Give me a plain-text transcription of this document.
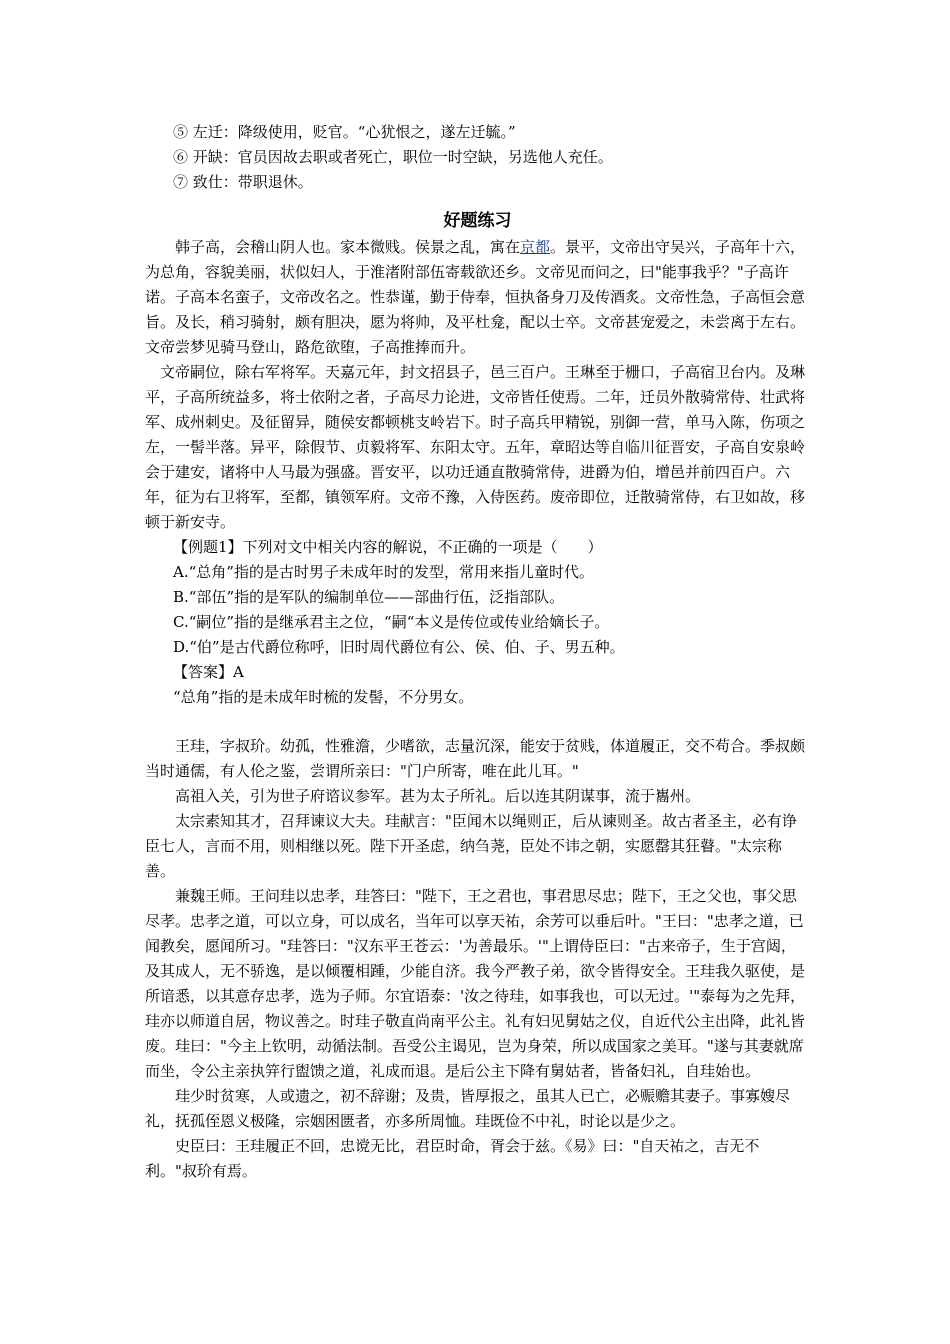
⑤ 左迁：降级使用，贬官。“心犹恨之，遂左迁毓。”

⑥ 开缺：官员因故去职或者死亡，职位一时空缺，另选他人充任。

⑦ 致仕：带职退休。

好题练习

韩子高，会稽山阴人也。家本微贱。侯景之乱，寓在京都。景平，文帝出守吴兴，子高年十六，为总角，容貌美丽，状似妇人，于淮渚附部伍寄载欲还乡。文帝见而问之，曰"能事我乎？"子高许诺。子高本名蛮子，文帝改名之。性恭谨，勤于侍奉，恒执备身刀及传酒炙。文帝性急，子高恒会意旨。及长，稍习骑射，颇有胆决，愿为将帅，及平杜龛，配以士卒。文帝甚宠爱之，未尝离于左右。文帝尝梦见骑马登山，路危欲堕，子高推捧而升。

文帝嗣位，除右军将军。天嘉元年，封文招县子，邑三百户。王琳至于栅口，子高宿卫台内。及琳平，子高所统益多，将士依附之者，子高尽力论进，文帝皆任使焉。二年，迁员外散骑常侍、壮武将军、成州刺史。及征留异，随侯安都顿桃支岭岩下。时子高兵甲精锐，别御一营，单马入陈，伤项之左，一髻半落。异平，除假节、贞毅将军、东阳太守。五年，章昭达等自临川征晋安，子高自安泉岭会于建安，诸将中人马最为强盛。晋安平，以功迁通直散骑常侍，进爵为伯，增邑并前四百户。六年，征为右卫将军，至都，镇领军府。文帝不豫，入侍医药。废帝即位，迁散骑常侍，右卫如故，移顿于新安寺。

【例题1】下列对文中相关内容的解说，不正确的一项是（　　）

A.“总角”指的是古时男子未成年时的发型，常用来指儿童时代。

B.“部伍”指的是军队的编制单位——部曲行伍，泛指部队。

C.“嗣位”指的是继承君主之位，“嗣“本义是传位或传业给嫡长子。

D.“伯”是古代爵位称呼，旧时周代爵位有公、侯、伯、子、男五种。

【答案】A

“总角”指的是未成年时梳的发髻，不分男女。

王珪，字叔玠。幼孤，性雅澹，少嗜欲，志量沉深，能安于贫贱，体道履正，交不苟合。季叔颇当时通儒，有人伦之鉴，尝谓所亲曰："门户所寄，唯在此儿耳。"

高祖入关，引为世子府谘议参军。甚为太子所礼。后以连其阴谋事，流于巂州。

太宗素知其才，召拜谏议大夫。珪献言："臣闻木以绳则正，后从谏则圣。故古者圣主，必有诤臣七人，言而不用，则相继以死。陛下开圣虑，纳刍荛，臣处不讳之朝，实愿罄其狂瞽。"太宗称善。

兼魏王师。王问珪以忠孝，珪答曰："陛下，王之君也，事君思尽忠；陛下，王之父也，事父思尽孝。忠孝之道，可以立身，可以成名，当年可以享天祐，余芳可以垂后叶。"王曰："忠孝之道，已闻教矣，愿闻所习。"珪答曰："汉东平王苍云：'为善最乐。'"上谓侍臣曰："古来帝子，生于宫闼，及其成人，无不骄逸，是以倾覆相踵，少能自济。我今严教子弟，欲令皆得安全。王珪我久驱使，是所谙悉，以其意存忠孝，选为子师。尔宜语泰：'汝之待珪，如事我也，可以无过。'"泰每为之先拜，珪亦以师道自居，物议善之。时珪子敬直尚南平公主。礼有妇见舅姑之仪，自近代公主出降，此礼皆废。珪曰："今主上钦明，动循法制。吾受公主谒见，岂为身荣，所以成国家之美耳。"遂与其妻就席而坐，令公主亲执笄行盥馈之道，礼成而退。是后公主下降有舅姑者，皆备妇礼，自珪始也。

珪少时贫寒，人或遗之，初不辞谢；及贵，皆厚报之，虽其人已亡，必赈赡其妻子。事寡嫂尽礼，抚孤侄恩义极隆，宗姻困匮者，亦多所周恤。珪既俭不中礼，时论以是少之。

史臣曰：王珪履正不回，忠谠无比，君臣时命，胥会于兹。《易》曰："自天祐之，吉无不利。"叔玠有焉。
